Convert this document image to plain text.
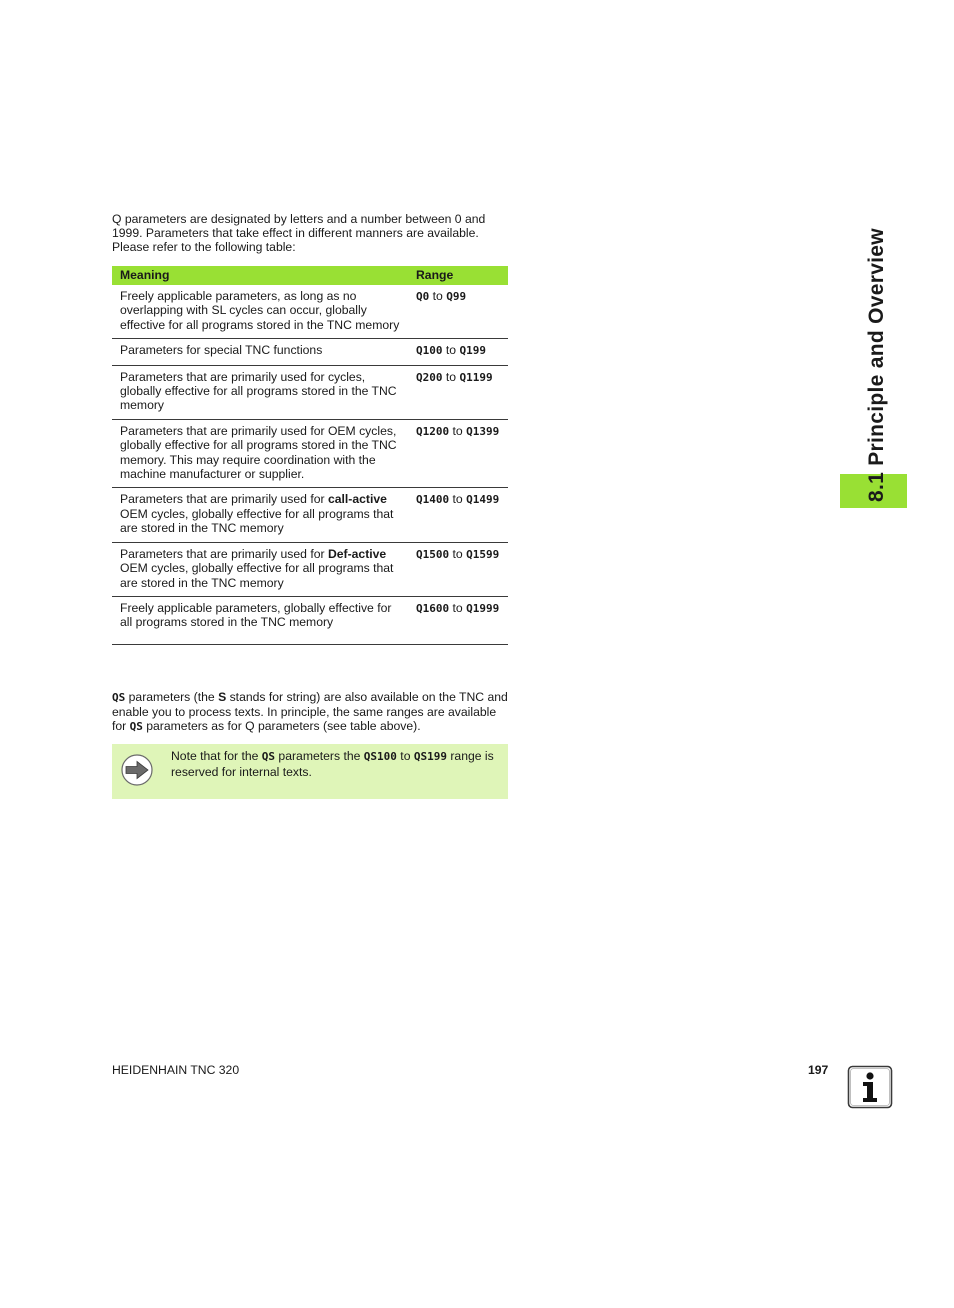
Q parameters are designated by letters and a number between 0 and 1999. Parameters that take effect in different manners are available. Please refer to the following table:

Meaning	Range
Freely applicable parameters, as long as no overlapping with SL cycles can occur, globally effective for all programs stored in the TNC memory	Q0 to Q99
Parameters for special TNC functions	Q100 to Q199
Parameters that are primarily used for cycles, globally effective for all programs stored in the TNC memory	Q200 to Q1199
Parameters that are primarily used for OEM cycles, globally effective for all programs stored in the TNC memory. This may require coordination with the machine manufacturer or supplier.	Q1200 to Q1399
Parameters that are primarily used for call-active OEM cycles, globally effective for all programs that are stored in the TNC memory	Q1400 to Q1499
Parameters that are primarily used for Def-active OEM cycles, globally effective for all programs that are stored in the TNC memory	Q1500 to Q1599
Freely applicable parameters, globally effective for all programs stored in the TNC memory	Q1600 to Q1999

QS parameters (the S stands for string) are also available on the TNC and enable you to process texts. In principle, the same ranges are available for QS parameters as for Q parameters (see table above).

Note that for the QS parameters the QS100 to QS199 range is reserved for internal texts.
8.1 Principle and Overview
HEIDENHAIN TNC 320	197
